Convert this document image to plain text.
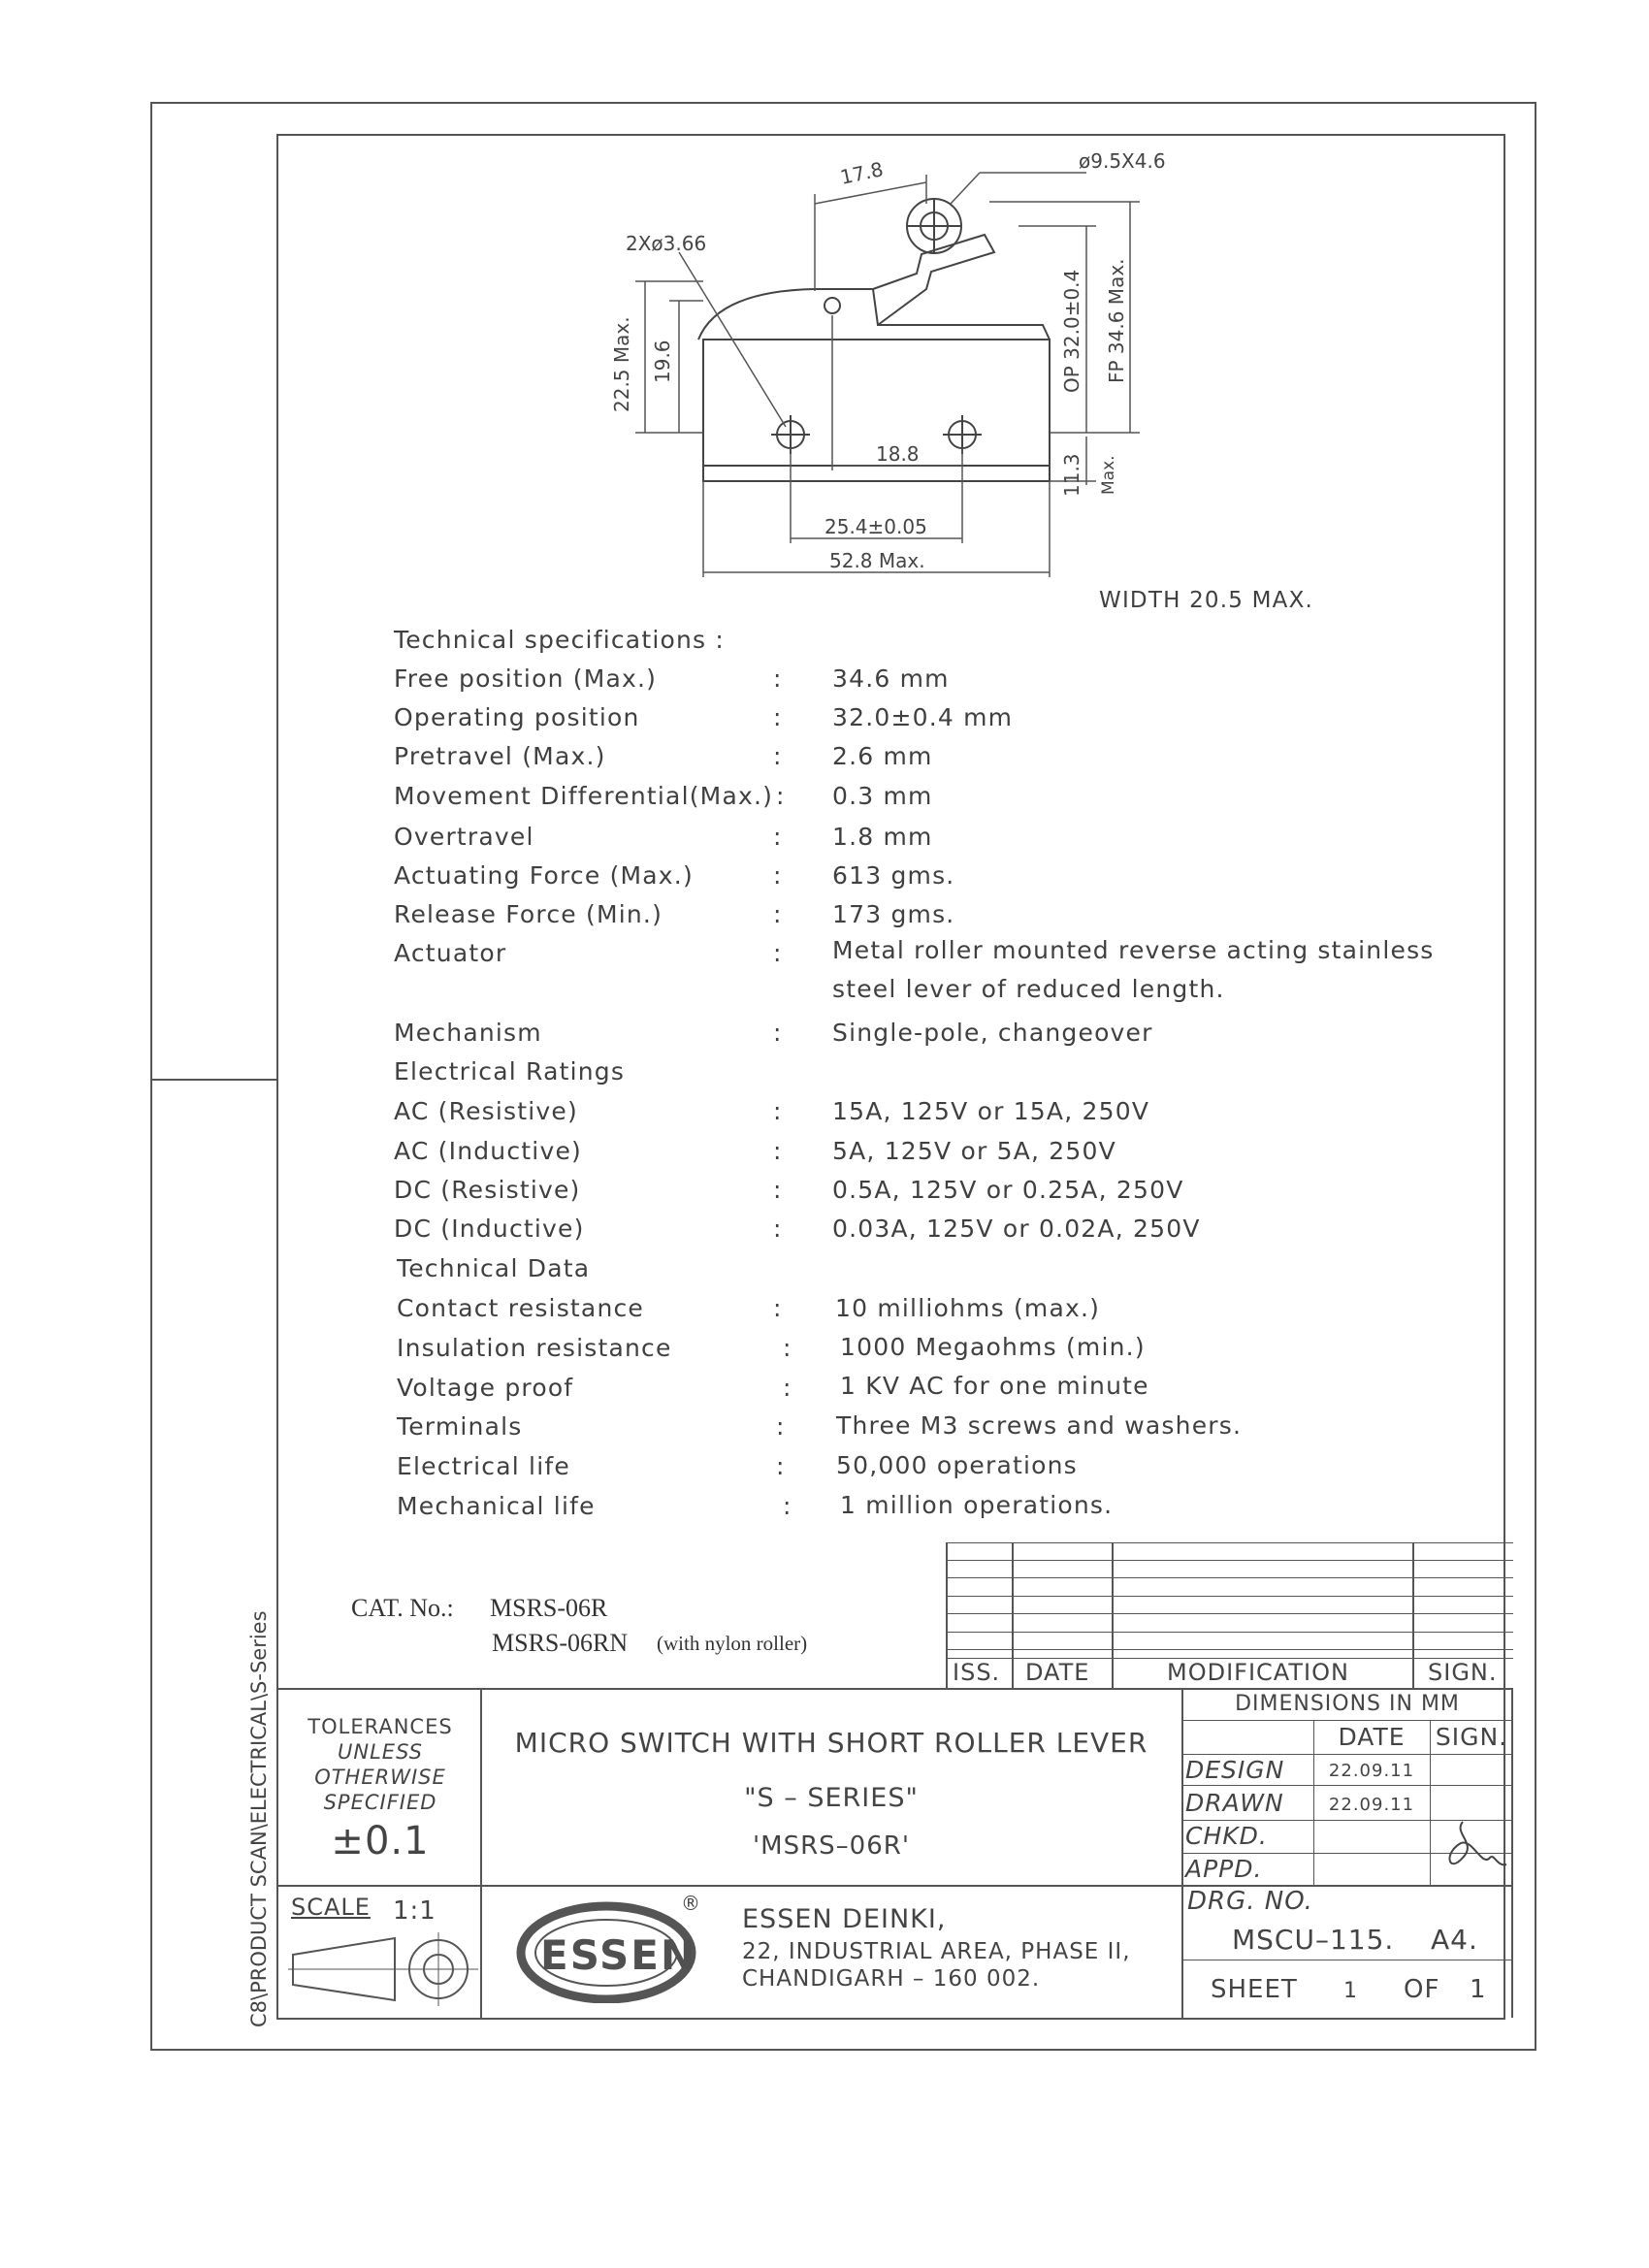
C8\PRODUCT SCAN\ELECTRICAL\S-Series
17.8	ø9.5X4.6
2Xø3.66
22.5 Max. 19.6	OP 32.0±0.4 FP 34.6 Max.
18.8	11.3 Max.
25.4±0.05
52.8 Max.
WIDTH 20.5 MAX.
Technical specifications :
Free position (Max.)	: 34.6 mm
Operating position	: 32.0±0.4 mm
Pretravel (Max.)	: 2.6 mm
Movement Differential(Max.) : 0.3 mm
Overtravel	: 1.8 mm
Actuating Force (Max.)	: 613 gms.
Release Force (Min.)	: 173 gms.
Actuator	: Metal roller mounted reverse acting stainless
steel lever of reduced length.
Mechanism	: Single-pole, changeover
Electrical Ratings
AC (Resistive)	: 15A, 125V or 15A, 250V
AC (Inductive)	: 5A, 125V or 5A, 250V
DC (Resistive)	: 0.5A, 125V or 0.25A, 250V
DC (Inductive)	: 0.03A, 125V or 0.02A, 250V
Technical Data
Contact resistance	: 10 milliohms (max.)
Insulation resistance	: 1000 Megaohms (min.)
Voltage proof	: 1 KV AC for one minute
Terminals	: Three M3 screws and washers.
Electrical life	: 50,000 operations
Mechanical life	: 1 million operations.
CAT. No.: MSRS-06R
MSRS-06RN (with nylon roller)
ISS. DATE	MODIFICATION	SIGN.
TOLERANCES
UNLESS
OTHERWISE
SPECIFIED
±0.1
MICRO SWITCH WITH SHORT ROLLER LEVER
"S – SERIES"
'MSRS–06R'
DIMENSIONS IN MM
DATE	SIGN.
DESIGN	22.09.11
DRAWN	22.09.11
CHKD.
APPD.
SCALE 1:1
ESSEN
®
ESSEN DEINKI,
22, INDUSTRIAL AREA, PHASE II,
CHANDIGARH – 160 002.
DRG. NO.
MSCU–115. A4.
SHEET 1 OF 1
